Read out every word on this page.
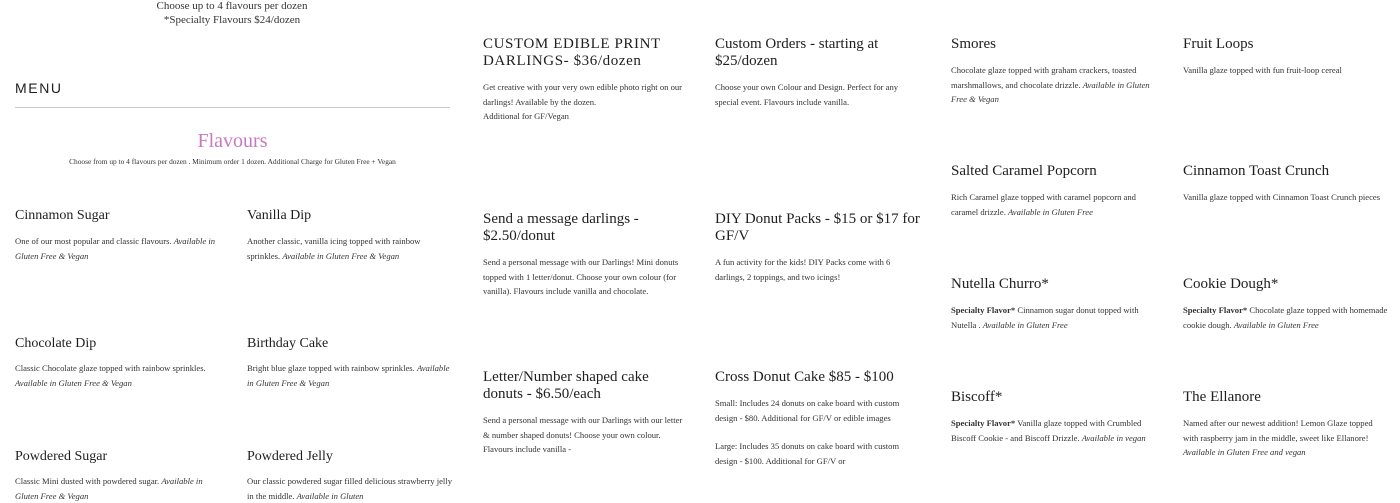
Choose up to 4 flavours per dozen
*Specialty Flavours $24/dozen
MENU
Flavours
Choose from up to 4 flavours per dozen . Minimum order 1 dozen. Additional Charge for Gluten Free + Vegan
Cinnamon Sugar
One of our most popular and classic flavours. Available in Gluten Free & Vegan
Vanilla Dip
Another classic, vanilla icing topped with rainbow sprinkles. Available in Gluten Free & Vegan
Chocolate Dip
Classic Chocolate glaze topped with rainbow sprinkles. Available in Gluten Free & Vegan
Birthday Cake
Bright blue glaze topped with rainbow sprinkles. Available in Gluten Free & Vegan
Powdered Sugar
Classic Mini dusted with powdered sugar. Available in Gluten Free & Vegan
Powdered Jelly
Our classic powdered sugar filled delicious strawberry jelly in the middle. Available in Gluten
CUSTOM EDIBLE PRINT DARLINGS- $36/dozen
Get creative with your very own edible photo right on our darlings! Available by the dozen.
Additional for GF/Vegan
Custom Orders - starting at $25/dozen
Choose your own Colour and Design. Perfect for any special event. Flavours include vanilla.
Send a message darlings - $2.50/donut
Send a personal message with our Darlings! Mini donuts topped with 1 letter/donut. Choose your own colour (for vanilla). Flavours include vanilla and chocolate.
DIY Donut Packs - $15 or $17 for GF/V
A fun activity for the kids! DIY Packs come with 6 darlings, 2 toppings, and two icings!
Letter/Number shaped cake donuts - $6.50/each
Send a personal message with our Darlings with our letter & number shaped donuts! Choose your own colour. Flavours include vanilla -
Cross Donut Cake $85 - $100
Small: Includes 24 donuts on cake board with custom design - $80. Additional for GF/V or edible images
Large: Includes 35 donuts on cake board with custom design - $100. Additional for GF/V or
Smores
Chocolate glaze topped with graham crackers, toasted marshmallows, and chocolate drizzle. Available in Gluten Free & Vegan
Fruit Loops
Vanilla glaze topped with fun fruit-loop cereal
Salted Caramel Popcorn
Rich Caramel glaze topped with caramel popcorn and caramel drizzle. Available in Gluten Free
Cinnamon Toast Crunch
Vanilla glaze topped with Cinnamon Toast Crunch pieces
Nutella Churro*
Specialty Flavor* Cinnamon sugar donut topped with Nutella . Available in Gluten Free
Cookie Dough*
Specialty Flavor* Chocolate glaze topped with homemade cookie dough. Available in Gluten Free
Biscoff*
Specialty Flavor* Vanilla glaze topped with Crumbled Biscoff Cookie - and Biscoff Drizzle. Available in vegan
The Ellanore
Named after our newest addition! Lemon Glaze topped with raspberry jam in the middle, sweet like Ellanore! Available in Gluten Free and vegan
